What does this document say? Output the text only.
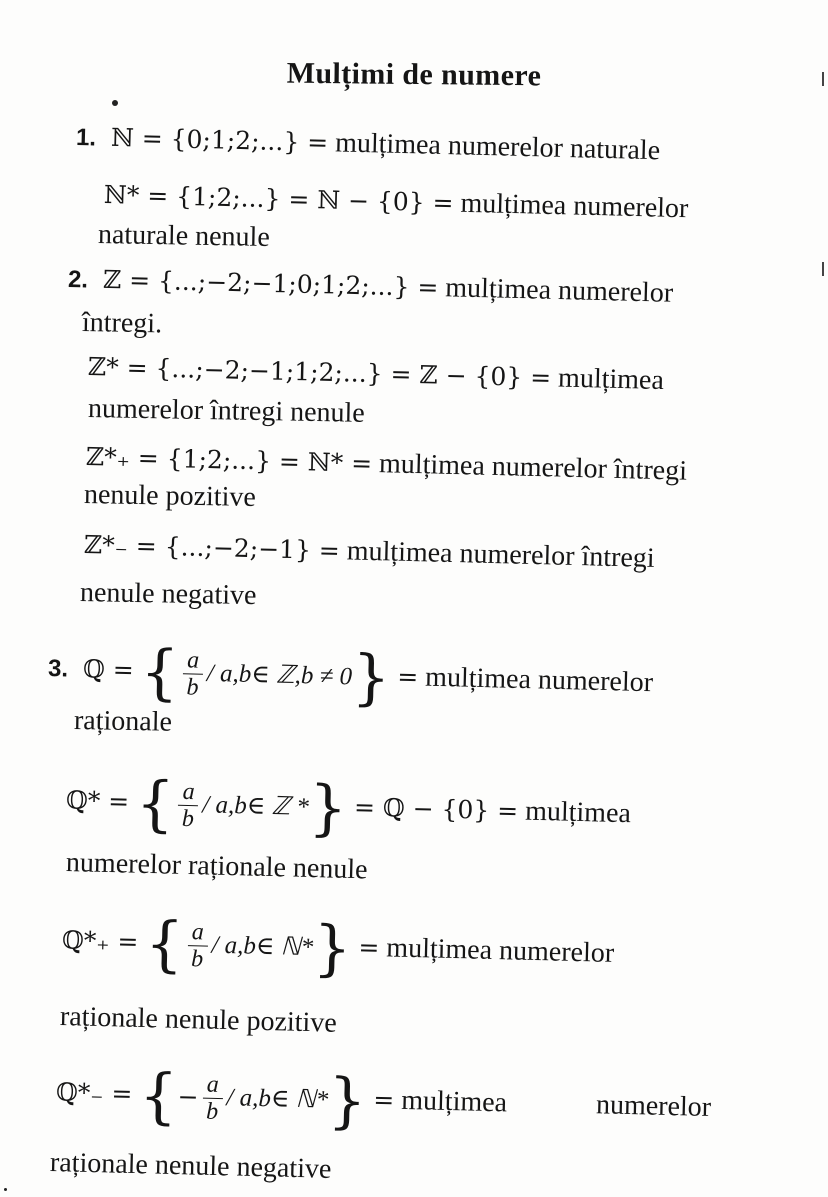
Mulțimi de numere
1. ℕ = {0;1;2;...} = mulțimea numerelor naturale
ℕ* = {1;2;...} = ℕ − {0} = mulțimea numerelor
naturale nenule
2. ℤ = {...;−2;−1;0;1;2;...} = mulțimea numerelor
întregi.
ℤ* = {...;−2;−1;1;2;...} = ℤ − {0} = mulțimea
numerelor întregi nenule
ℤ*₊ = {1;2;...} = ℕ* = mulțimea numerelor întregi
nenule pozitive
ℤ*₋ = {...;−2;−1} = mulțimea numerelor întregi
nenule negative
3. ℚ = { $\frac{a}{b}$ / a,b∈ ℤ,b ≠ 0
} = mulțimea numerelor
raționale
ℚ* = { $\frac{a}{b}$ / a,b∈ ℤ *
} = ℚ − {0} = mulțimea
numerelor raționale nenule
ℚ*₊ = { $\frac{a}{b}$ / a,b∈ ℕ*
} = mulțimea numerelor
raționale nenule pozitive
ℚ*₋ = {
− $\frac{a}{b}$ / a,b∈ ℕ*
} = mulțimea	numerelor
raționale nenule negative
